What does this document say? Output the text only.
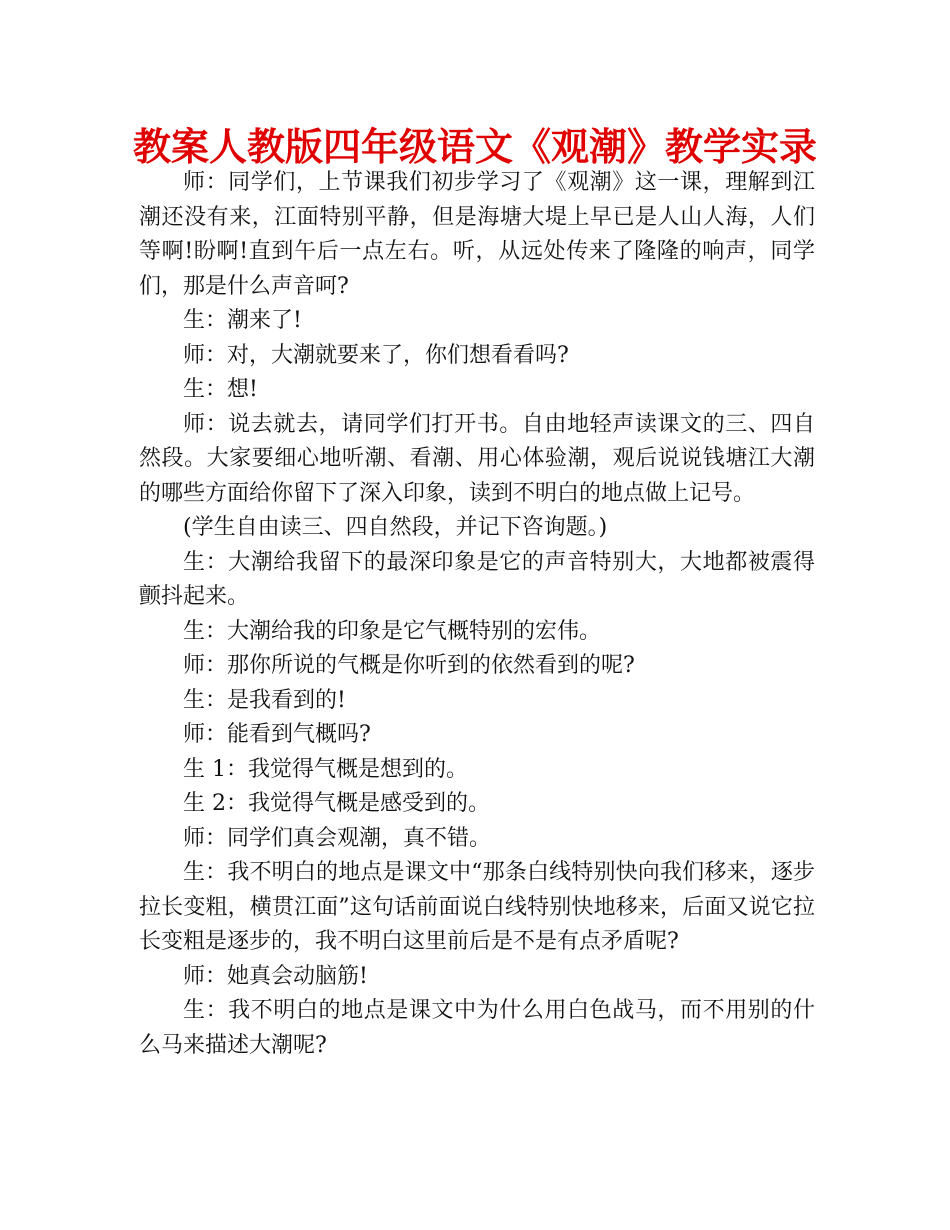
教案人教版四年级语文《观潮》教学实录

师：同学们，上节课我们初步学习了《观潮》这一课，理解到江潮还没有来，江面特别平静，但是海塘大堤上早已是人山人海，人们等啊!盼啊!直到午后一点左右。听，从远处传来了隆隆的响声，同学们，那是什么声音呵?

生：潮来了!

师：对，大潮就要来了，你们想看看吗?

生：想!

师：说去就去，请同学们打开书。自由地轻声读课文的三、四自然段。大家要细心地听潮、看潮、用心体验潮，观后说说钱塘江大潮的哪些方面给你留下了深入印象，读到不明白的地点做上记号。

(学生自由读三、四自然段，并记下咨询题。)

生：大潮给我留下的最深印象是它的声音特别大，大地都被震得颤抖起来。

生：大潮给我的印象是它气概特别的宏伟。

师：那你所说的气概是你听到的依然看到的呢?

生：是我看到的!

师：能看到气概吗?

生 1：我觉得气概是想到的。

生 2：我觉得气概是感受到的。

师：同学们真会观潮，真不错。

生：我不明白的地点是课文中“那条白线特别快向我们移来，逐步拉长变粗，横贯江面”这句话前面说白线特别快地移来，后面又说它拉长变粗是逐步的，我不明白这里前后是不是有点矛盾呢?

师：她真会动脑筋!

生：我不明白的地点是课文中为什么用白色战马，而不用别的什么马来描述大潮呢?
